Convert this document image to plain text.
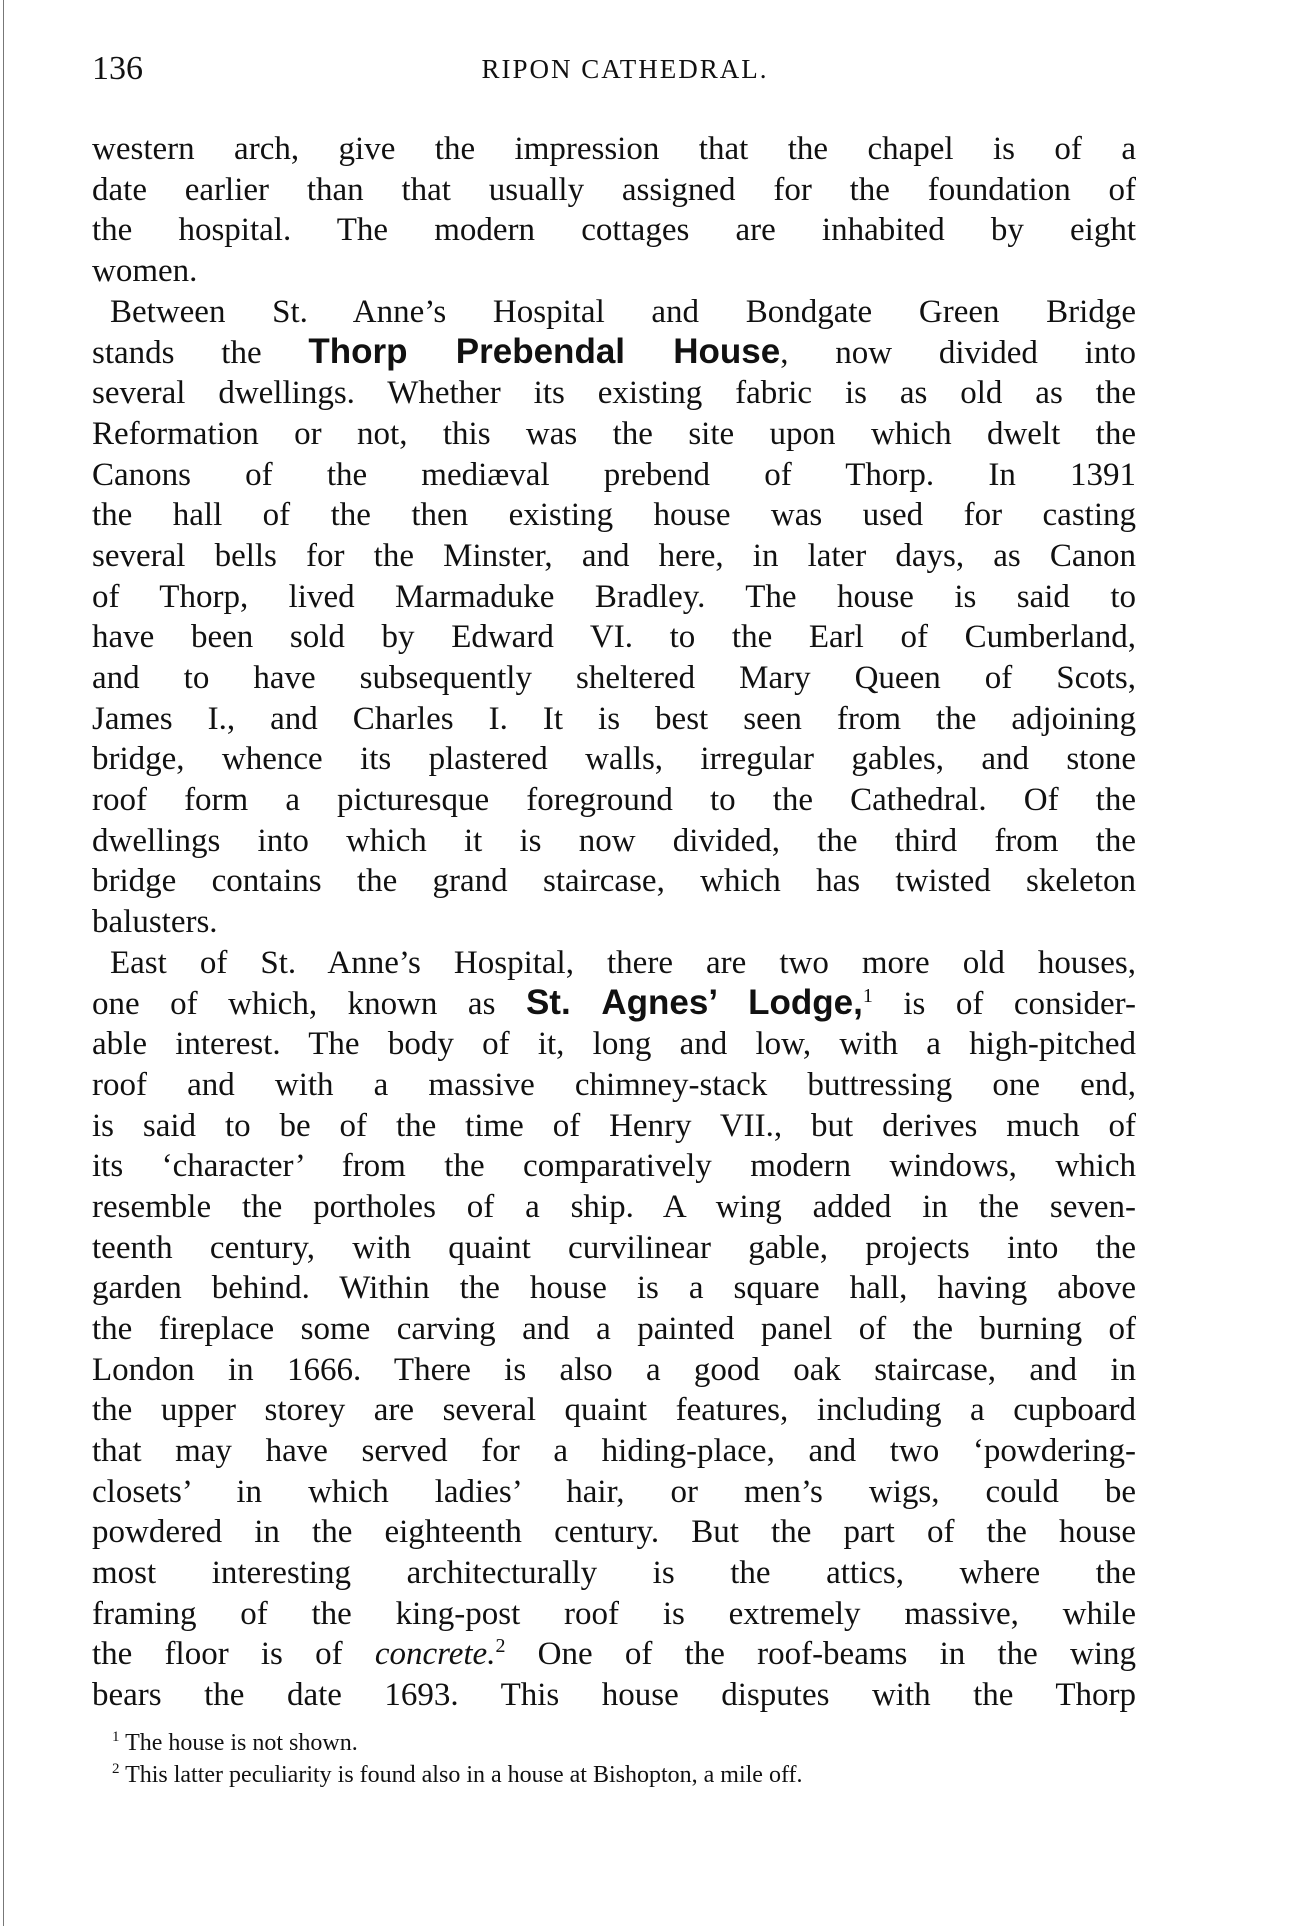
136	RIPON CATHEDRAL.
western arch, give the impression that the chapel is of a
date earlier than that usually assigned for the foundation of
the hospital. The modern cottages are inhabited by eight
women.
Between St. Anne’s Hospital and Bondgate Green Bridge
stands the Thorp Prebendal House, now divided into
several dwellings. Whether its existing fabric is as old as the
Reformation or not, this was the site upon which dwelt the
Canons of the mediæval prebend of Thorp. In 1391
the hall of the then existing house was used for casting
several bells for the Minster, and here, in later days, as Canon
of Thorp, lived Marmaduke Bradley. The house is said to
have been sold by Edward VI. to the Earl of Cumberland,
and to have subsequently sheltered Mary Queen of Scots,
James I., and Charles I. It is best seen from the adjoining
bridge, whence its plastered walls, irregular gables, and stone
roof form a picturesque foreground to the Cathedral. Of the
dwellings into which it is now divided, the third from the
bridge contains the grand staircase, which has twisted skeleton
balusters.
East of St. Anne’s Hospital, there are two more old houses,
one of which, known as St. Agnes’ Lodge,$^1$ is of consider-
able interest. The body of it, long and low, with a high-pitched
roof and with a massive chimney-stack buttressing one end,
is said to be of the time of Henry VII., but derives much of
its ‘character’ from the comparatively modern windows, which
resemble the portholes of a ship. A wing added in the seven-
teenth century, with quaint curvilinear gable, projects into the
garden behind. Within the house is a square hall, having above
the fireplace some carving and a painted panel of the burning of
London in 1666. There is also a good oak staircase, and in
the upper storey are several quaint features, including a cupboard
that may have served for a hiding-place, and two ‘powdering-
closets’ in which ladies’ hair, or men’s wigs, could be
powdered in the eighteenth century. But the part of the house
most interesting architecturally is the attics, where the
framing of the king-post roof is extremely massive, while
the floor is of concrete.$^2$ One of the roof-beams in the wing
bears the date 1693. This house disputes with the Thorp
$^1$ The house is not shown.
$^2$ This latter peculiarity is found also in a house at Bishopton, a mile off.
